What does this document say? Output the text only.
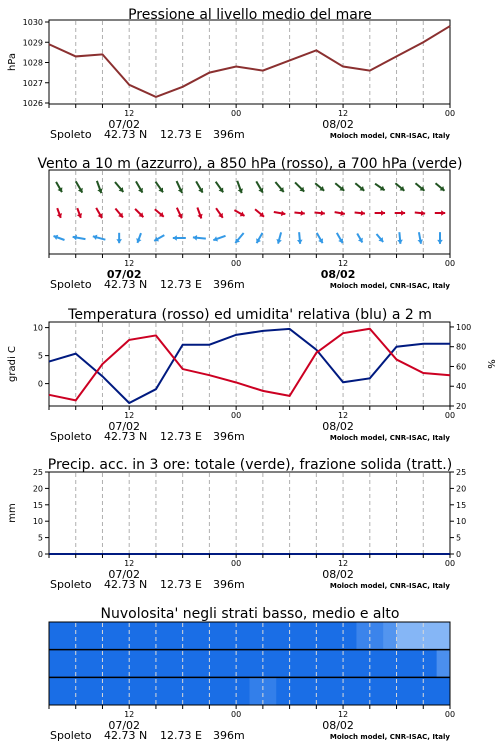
Pressione al livello medio del mare
1026
1027
1028
1029
1030
hPa
12	00	12	00
07/02	08/02
Spoleto 42.73 N 12.73 E 396m	Moloch model, CNR-ISAC, Italy
Vento a 10 m (azzurro), a 850 hPa (rosso), a 700 hPa (verde)
12	00	12	00
07/02	08/02
Spoleto 42.73 N 12.73 E 396m	Moloch model, CNR-ISAC, Italy
Temperatura (rosso) ed umidita' relativa (blu) a 2 m
0
5
10
20
40
60
80
100
gradi C	%
12	00	12	00
07/02	08/02
Spoleto 42.73 N 12.73 E 396m	Moloch model, CNR-ISAC, Italy
Precip. acc. in 3 ore: totale (verde), frazione solida (tratt.)
0	0
5	5
10	10
15	15
20	20
25	25
mm
12	00	12	00
07/02	08/02
Spoleto 42.73 N 12.73 E 396m	Moloch model, CNR-ISAC, Italy
Nuvolosita' negli strati basso, medio e alto
12	00	12	00
07/02	08/02
Spoleto 42.73 N 12.73 E 396m	Moloch model, CNR-ISAC, Italy
